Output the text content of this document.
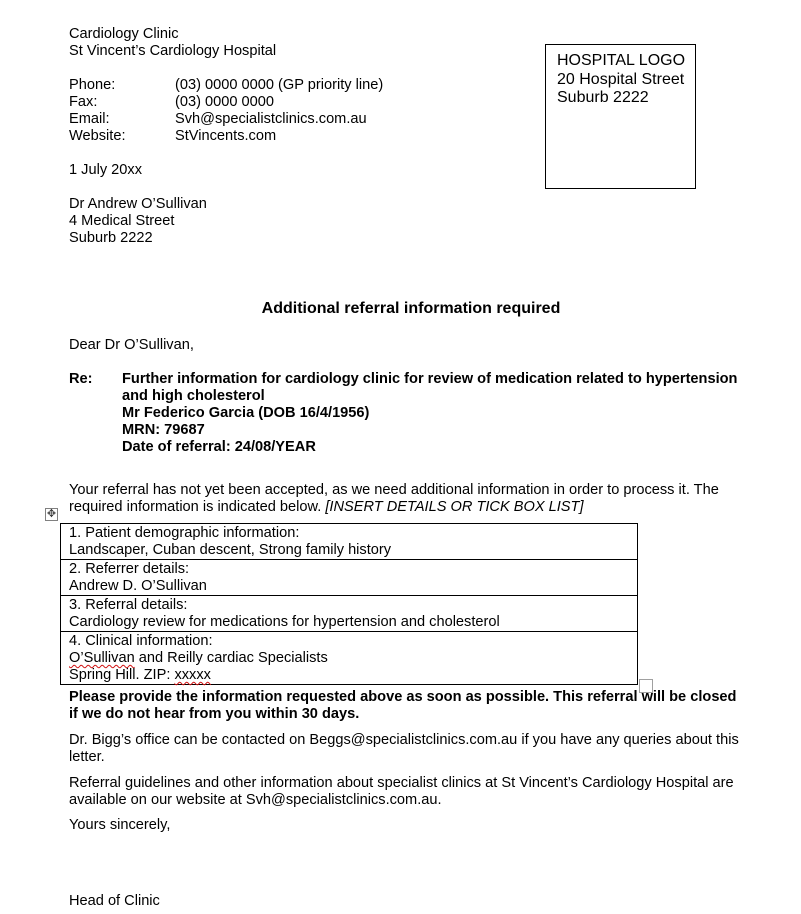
Cardiology Clinic
St Vincent’s Cardiology Hospital
Phone:	(03) 0000 0000 (GP priority line)
Fax:	(03) 0000 0000
Email:	Svh@specialistclinics.com.au
Website:	StVincents.com
HOSPITAL LOGO
20 Hospital Street
Suburb 2222
1 July 20xx
Dr Andrew O’Sullivan
4 Medical Street
Suburb 2222
Additional referral information required
Dear Dr O’Sullivan,
Re: Further information for cardiology clinic for review of medication related to hypertension
and high cholesterol
Mr Federico Garcia (DOB 16/4/1956)
MRN: 79687
Date of referral: 24/08/YEAR
Your referral has not yet been accepted, as we need additional information in order to process it. The
required information is indicated below. [INSERT DETAILS OR TICK BOX LIST]
✥
1. Patient demographic information:
Landscaper, Cuban descent, Strong family history

2. Referrer details:
Andrew D. O’Sullivan

3. Referral details:
Cardiology review for medications for hypertension and cholesterol

4. Clinical information:
O’Sullivan and Reilly cardiac Specialists
Spring Hill. ZIP: xxxxx
Please provide the information requested above as soon as possible. This referral will be closed
if we do not hear from you within 30 days.
Dr. Bigg’s office can be contacted on Beggs@specialistclinics.com.au if you have any queries about this
letter.
Referral guidelines and other information about specialist clinics at St Vincent’s Cardiology Hospital are
available on our website at Svh@specialistclinics.com.au.
Yours sincerely,
Head of Clinic
